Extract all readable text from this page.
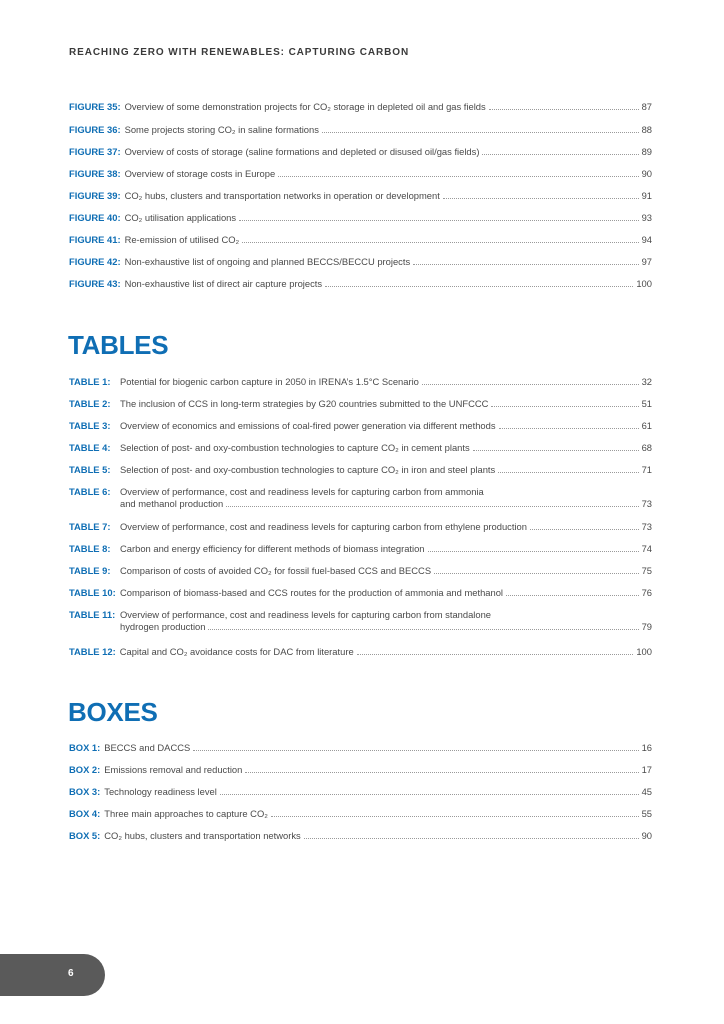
REACHING ZERO WITH RENEWABLES: CAPTURING CARBON
FIGURE 35: Overview of some demonstration projects for CO₂ storage in depleted oil and gas fields	87
FIGURE 36: Some projects storing CO₂ in saline formations	88
FIGURE 37: Overview of costs of storage (saline formations and depleted or disused oil/gas fields)	89
FIGURE 38: Overview of storage costs in Europe	90
FIGURE 39: CO₂ hubs, clusters and transportation networks in operation or development	91
FIGURE 40: CO₂ utilisation applications	93
FIGURE 41: Re-emission of utilised CO₂	94
FIGURE 42: Non-exhaustive list of ongoing and planned BECCS/BECCU projects	97
FIGURE 43: Non-exhaustive list of direct air capture projects	100
TABLES
TABLE 1:	Potential for biogenic carbon capture in 2050 in IRENA’s 1.5°C Scenario	32
TABLE 2:	The inclusion of CCS in long-term strategies by G20 countries submitted to the UNFCCC	51
TABLE 3:	Overview of economics and emissions of coal-fired power generation via different methods	61
TABLE 4:	Selection of post- and oxy-combustion technologies to capture CO₂ in cement plants	68
TABLE 5:	Selection of post- and oxy-combustion technologies to capture CO₂ in iron and steel plants	71
TABLE 6:	Overview of performance, cost and readiness levels for capturing carbon from ammonia
and methanol production	73
TABLE 7:	Overview of performance, cost and readiness levels for capturing carbon from ethylene production	73
TABLE 8:	Carbon and energy efficiency for different methods of biomass integration	74
TABLE 9:	Comparison of costs of avoided CO₂ for fossil fuel-based CCS and BECCS	75
TABLE 10: Comparison of biomass-based and CCS routes for the production of ammonia and methanol	76
TABLE 11: Overview of performance, cost and readiness levels for capturing carbon from standalone
hydrogen production	79
TABLE 12: Capital and CO₂ avoidance costs for DAC from literature	100
BOXES
BOX 1: BECCS and DACCS	16
BOX 2: Emissions removal and reduction	17
BOX 3: Technology readiness level	45
BOX 4: Three main approaches to capture CO₂	55
BOX 5: CO₂ hubs, clusters and transportation networks	90
6
